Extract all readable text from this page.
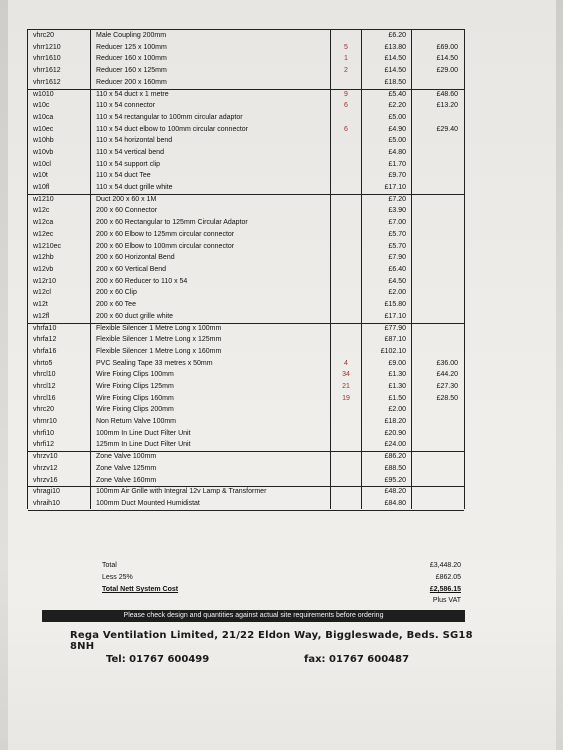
vhrc20	Male Coupling 200mm	£6.20
vhrr1210	Reducer 125 x 100mm	5	£13.80	£69.00
vhrr1610	Reducer 160 x 100mm	1	£14.50	£14.50
vhrr1612	Reducer 160 x 125mm	2	£14.50	£29.00
vhrr1612	Reducer 200 x 160mm	£18.50
w1010	110 x 54 duct x 1 metre	9	£5.40	£48.60
w10c	110 x 54 connector	6	£2.20	£13.20
w10ca	110 x 54 rectangular to 100mm circular adaptor	£5.00
w10ec	110 x 54 duct elbow to 100mm circular connector	6	£4.90	£29.40
w10hb	110 x 54 horizontal bend	£5.00
w10vb	110 x 54 vertical bend	£4.80
w10cl	110 x 54 support clip	£1.70
w10t	110 x 54 duct Tee	£9.70
w10fl	110 x 54 duct grille white	£17.10
w1210	Duct 200 x 60 x 1M	£7.20
w12c	200 x 60 Connector	£3.90
w12ca	200 x 60 Rectangular to 125mm Circular Adaptor	£7.00
w12ec	200 x 60 Elbow to 125mm circular connector	£5.70
w1210ec	200 x 60 Elbow to 100mm circular connector	£5.70
w12hb	200 x 60 Horizontal Bend	£7.90
w12vb	200 x 60 Vertical Bend	£6.40
w12r10	200 x 60 Reducer to 110 x 54	£4.50
w12cl	200 x 60 Clip	£2.00
w12t	200 x 60 Tee	£15.80
w12fl	200 x 60 duct grille white	£17.10
vhrfa10	Flexible Silencer 1 Metre Long x 100mm	£77.90
vhrfa12	Flexible Silencer 1 Metre Long x 125mm	£87.10
vhrfa16	Flexible Silencer 1 Metre Long x 160mm	£102.10
vhrto5	PVC Sealing Tape 33 metres x 50mm	4	£9.00	£36.00
vhrcl10	Wire Fixing Clips 100mm	34	£1.30	£44.20
vhrcl12	Wire Fixing Clips 125mm	21	£1.30	£27.30
vhrcl16	Wire Fixing Clips 160mm	19	£1.50	£28.50
vhrc20	Wire Fixing Clips 200mm	£2.00
vhrnr10	Non Return Valve 100mm	£18.20
vhrfi10	100mm In Line Duct Filter Unit	£20.90
vhrfi12	125mm In Line Duct Filter Unit	£24.00
vhrzv10	Zone Valve 100mm	£86.20
vhrzv12	Zone Valve 125mm	£88.50
vhrzv16	Zone Valve 160mm	£95.20
vhragi10	100mm Air Grille with Integral 12v Lamp & Transformer	£48.20
vhraih10	100mm Duct Mounted Humidistat	£84.80
Total	£3,448.20
Less 25%	£862.05
Total Nett System Cost	£2,586.15
Plus VAT
Please check design and quantities against actual site requirements before ordering
Rega Ventilation Limited, 21/22 Eldon Way, Biggleswade, Beds. SG18 8NH
Tel: 01767 600499	fax: 01767 600487
